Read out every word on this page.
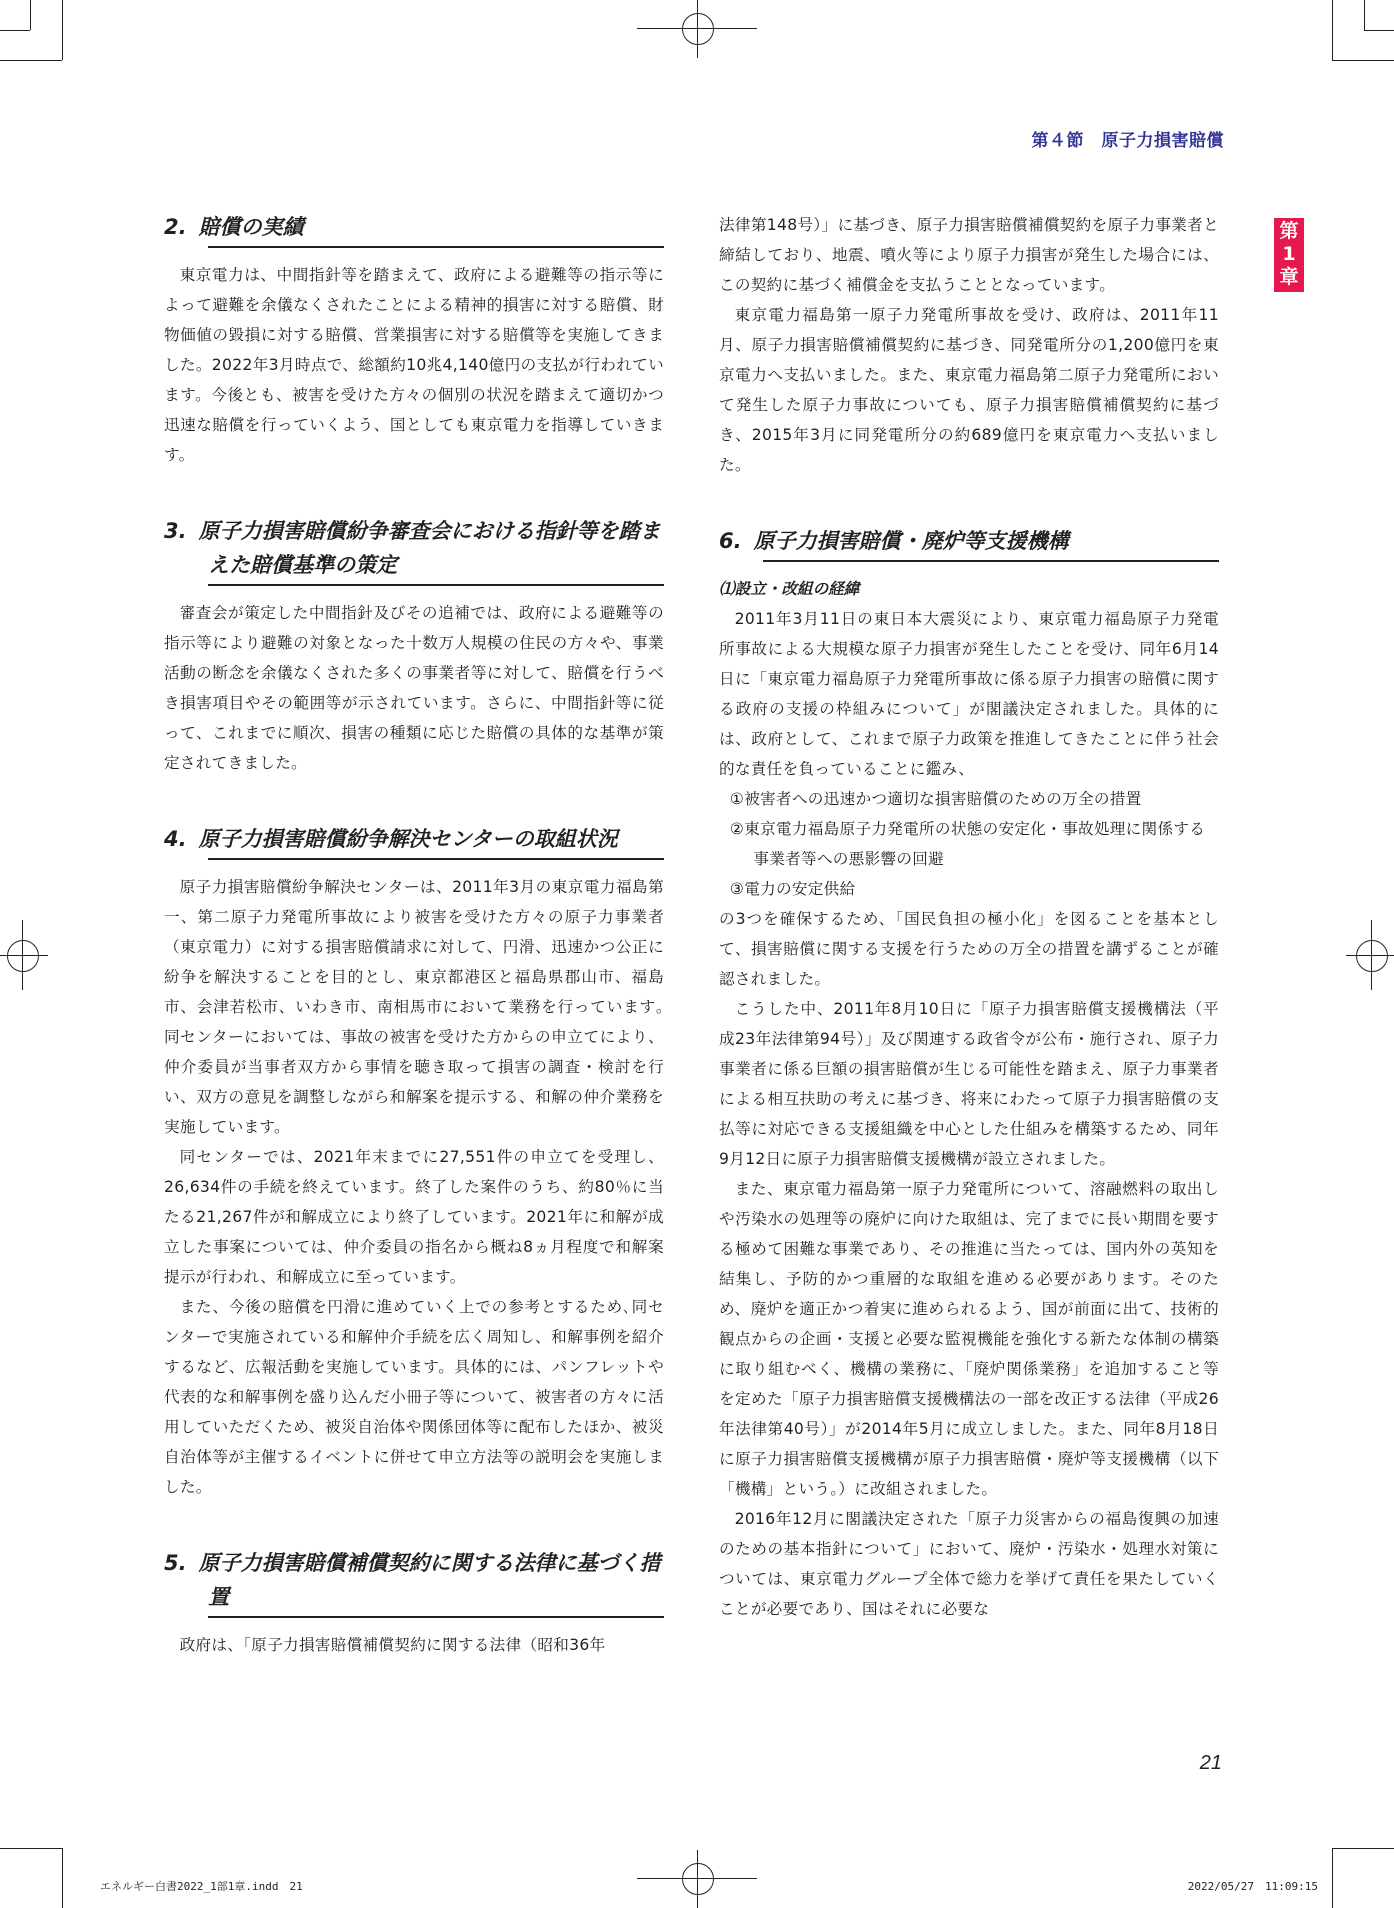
第４節　原子力損害賠償
第
1
章
2. 賠償の実績

東京電力は、中間指針等を踏まえて、政府による避難等の指示等によって避難を余儀なくされたことによる精神的損害に対する賠償、財物価値の毀損に対する賠償、営業損害に対する賠償等を実施してきました。2022年3月時点で、総額約10兆4,140億円の支払が行われています。今後とも、被害を受けた方々の個別の状況を踏まえて適切かつ迅速な賠償を行っていくよう、国としても東京電力を指導していきます。

3. 原子力損害賠償紛争審査会における指針等を踏まえた賠償基準の策定

審査会が策定した中間指針及びその追補では、政府による避難等の指示等により避難の対象となった十数万人規模の住民の方々や、事業活動の断念を余儀なくされた多くの事業者等に対して、賠償を行うべき損害項目やその範囲等が示されています。さらに、中間指針等に従って、これまでに順次、損害の種類に応じた賠償の具体的な基準が策定されてきました。

4. 原子力損害賠償紛争解決センターの取組状況

原子力損害賠償紛争解決センターは、2011年3月の東京電力福島第一、第二原子力発電所事故により被害を受けた方々の原子力事業者（東京電力）に対する損害賠償請求に対して、円滑、迅速かつ公正に紛争を解決することを目的とし、東京都港区と福島県郡山市、福島市、会津若松市、いわき市、南相馬市において業務を行っています｡同センターにおいては、事故の被害を受けた方からの申立てにより、仲介委員が当事者双方から事情を聴き取って損害の調査・検討を行い、双方の意見を調整しながら和解案を提示する、和解の仲介業務を実施しています。

同センターでは、2021年末までに27,551件の申立てを受理し、26,634件の手続を終えています。終了した案件のうち、約80％に当たる21,267件が和解成立により終了しています。2021年に和解が成立した事案については、仲介委員の指名から概ね8ヵ月程度で和解案提示が行われ、和解成立に至っています。

また、今後の賠償を円滑に進めていく上での参考とするため､同センターで実施されている和解仲介手続を広く周知し、和解事例を紹介するなど、広報活動を実施しています。具体的には、パンフレットや代表的な和解事例を盛り込んだ小冊子等について、被害者の方々に活用していただくため、被災自治体や関係団体等に配布したほか、被災自治体等が主催するイベントに併せて申立方法等の説明会を実施しました。

5. 原子力損害賠償補償契約に関する法律に基づく措置

政府は、「原子力損害賠償補償契約に関する法律（昭和36年

法律第148号）」に基づき、原子力損害賠償補償契約を原子力事業者と締結しており、地震、噴火等により原子力損害が発生した場合には、この契約に基づく補償金を支払うこととなっています。

東京電力福島第一原子力発電所事故を受け、政府は、2011年11月、原子力損害賠償補償契約に基づき、同発電所分の1,200億円を東京電力へ支払いました。また、東京電力福島第二原子力発電所において発生した原子力事故についても、原子力損害賠償補償契約に基づき、2015年3月に同発電所分の約689億円を東京電力へ支払いました。

6. 原子力損害賠償・廃炉等支援機構
⑴設立・改組の経緯

2011年3月11日の東日本大震災により、東京電力福島原子力発電所事故による大規模な原子力損害が発生したことを受け、同年6月14日に「東京電力福島原子力発電所事故に係る原子力損害の賠償に関する政府の支援の枠組みについて」が閣議決定されました。具体的には、政府として、これまで原子力政策を推進してきたことに伴う社会的な責任を負っていることに鑑み、

①被害者への迅速かつ適切な損害賠償のための万全の措置

②東京電力福島原子力発電所の状態の安定化・事故処理に関係する事業者等への悪影響の回避

③電力の安定供給

の3つを確保するため、「国民負担の極小化」を図ることを基本として、損害賠償に関する支援を行うための万全の措置を講ずることが確認されました。

こうした中、2011年8月10日に「原子力損害賠償支援機構法（平成23年法律第94号）」及び関連する政省令が公布・施行され、原子力事業者に係る巨額の損害賠償が生じる可能性を踏まえ、原子力事業者による相互扶助の考えに基づき、将来にわたって原子力損害賠償の支払等に対応できる支援組織を中心とした仕組みを構築するため、同年9月12日に原子力損害賠償支援機構が設立されました。

また、東京電力福島第一原子力発電所について、溶融燃料の取出しや汚染水の処理等の廃炉に向けた取組は、完了までに長い期間を要する極めて困難な事業であり、その推進に当たっては、国内外の英知を結集し、予防的かつ重層的な取組を進める必要があります。そのため、廃炉を適正かつ着実に進められるよう、国が前面に出て、技術的観点からの企画・支援と必要な監視機能を強化する新たな体制の構築に取り組むべく、機構の業務に、「廃炉関係業務」を追加すること等を定めた「原子力損害賠償支援機構法の一部を改正する法律（平成26年法律第40号）」が2014年5月に成立しました。また、同年8月18日に原子力損害賠償支援機構が原子力損害賠償・廃炉等支援機構（以下「機構」という。）に改組されました。

2016年12月に閣議決定された「原子力災害からの福島復興の加速のための基本指針について」において、廃炉・汚染水・処理水対策については、東京電力グループ全体で総力を挙げて責任を果たしていくことが必要であり、国はそれに必要な

21
エネルギー白書2022_1部1章.indd　21	2022/05/27　11:09:15
